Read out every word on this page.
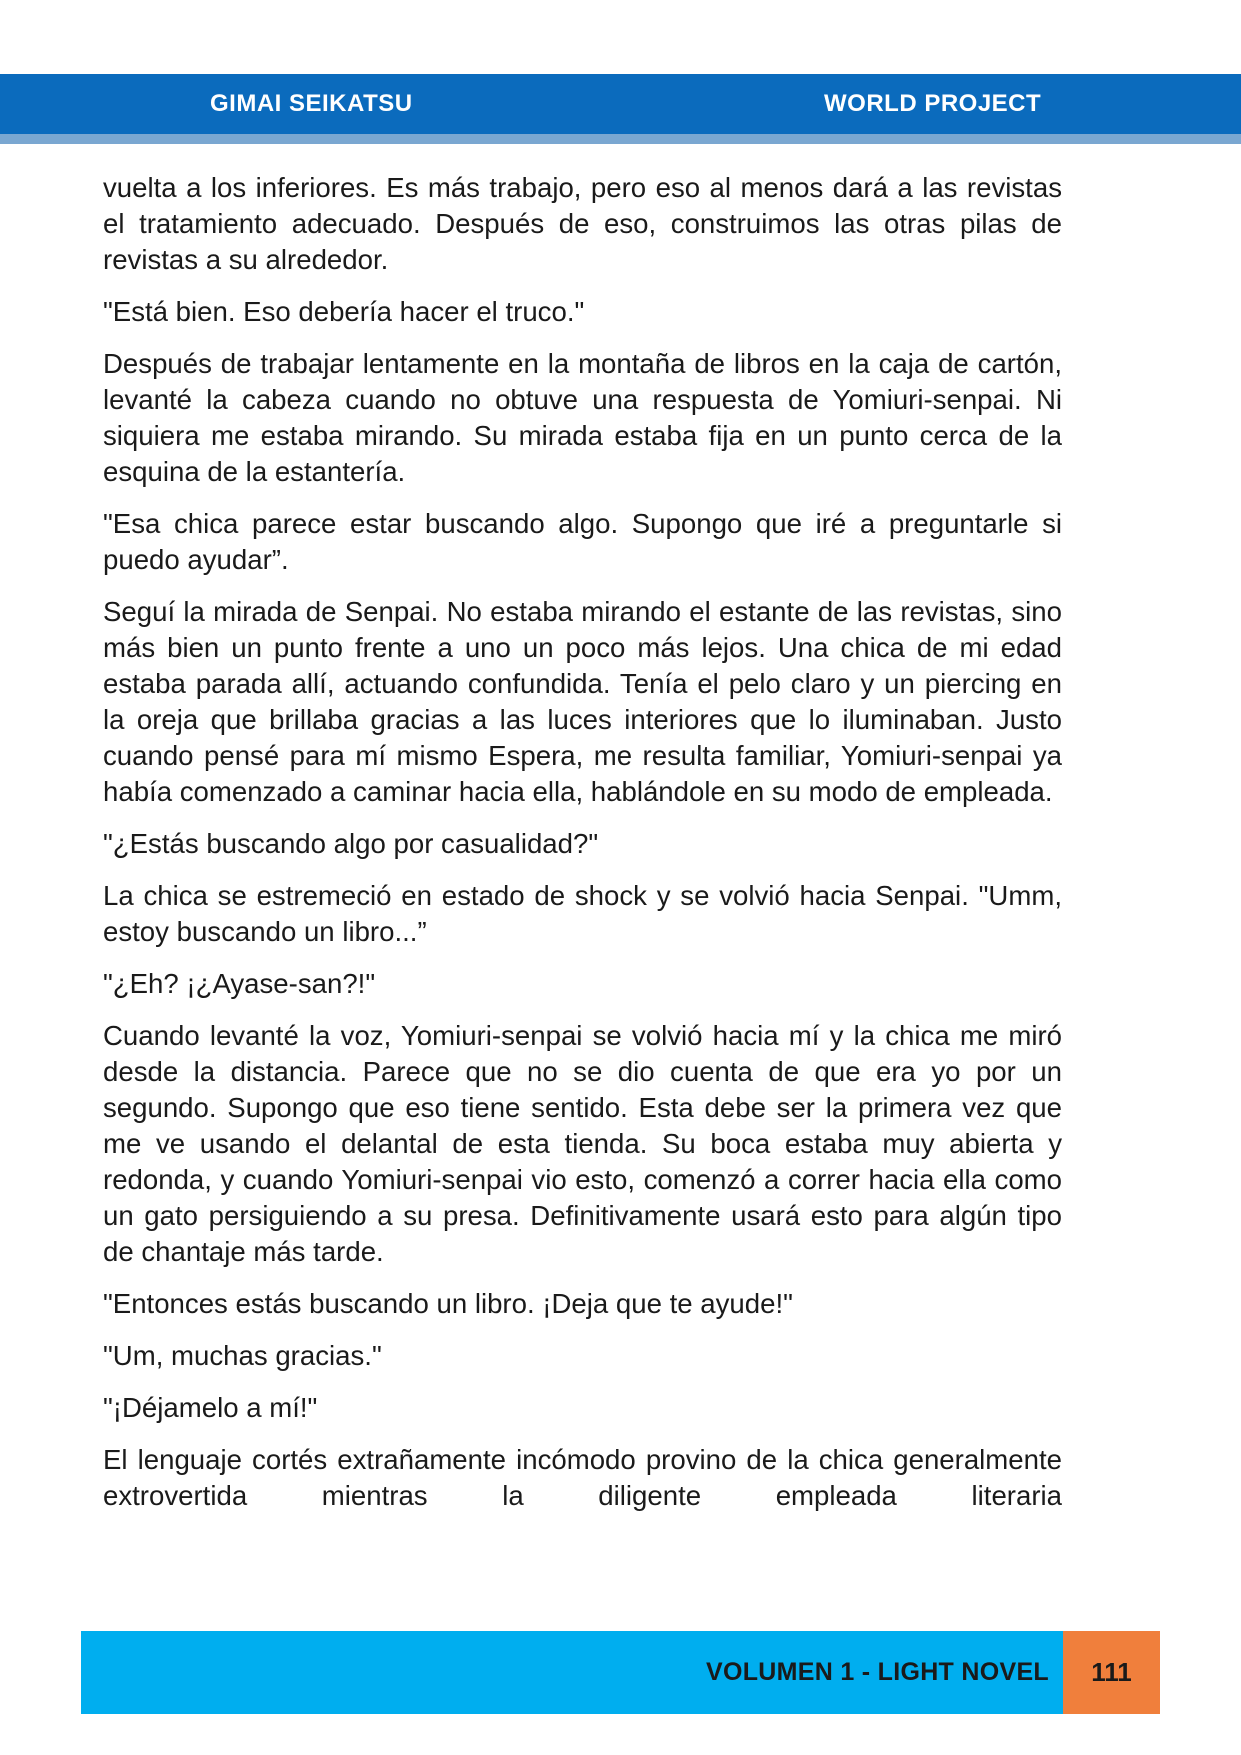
GIMAI SEIKATSU	WORLD PROJECT

vuelta a los inferiores. Es más trabajo, pero eso al menos dará a las revistas el tratamiento adecuado. Después de eso, construimos las otras pilas de revistas a su alrededor.

"Está bien. Eso debería hacer el truco."

Después de trabajar lentamente en la montaña de libros en la caja de cartón, levanté la cabeza cuando no obtuve una respuesta de Yomiuri-senpai. Ni siquiera me estaba mirando. Su mirada estaba fija en un punto cerca de la esquina de la estantería.

"Esa chica parece estar buscando algo. Supongo que iré a preguntarle si puedo ayudar”.

Seguí la mirada de Senpai. No estaba mirando el estante de las revistas, sino más bien un punto frente a uno un poco más lejos. Una chica de mi edad estaba parada allí, actuando confundida. Tenía el pelo claro y un piercing en la oreja que brillaba gracias a las luces interiores que lo iluminaban. Justo cuando pensé para mí mismo Espera, me resulta familiar, Yomiuri-senpai ya había comenzado a caminar hacia ella, hablándole en su modo de empleada.

"¿Estás buscando algo por casualidad?"

La chica se estremeció en estado de shock y se volvió hacia Senpai. "Umm, estoy buscando un libro...”

"¿Eh? ¡¿Ayase-san?!"

Cuando levanté la voz, Yomiuri-senpai se volvió hacia mí y la chica me miró desde la distancia. Parece que no se dio cuenta de que era yo por un segundo. Supongo que eso tiene sentido. Esta debe ser la primera vez que me ve usando el delantal de esta tienda. Su boca estaba muy abierta y redonda, y cuando Yomiuri-senpai vio esto, comenzó a correr hacia ella como un gato persiguiendo a su presa. Definitivamente usará esto para algún tipo de chantaje más tarde.

"Entonces estás buscando un libro. ¡Deja que te ayude!"

"Um, muchas gracias."

"¡Déjamelo a mí!"

El lenguaje cortés extrañamente incómodo provino de la chica generalmente extrovertida mientras la diligente empleada literaria

VOLUMEN 1 - LIGHT NOVEL	111
